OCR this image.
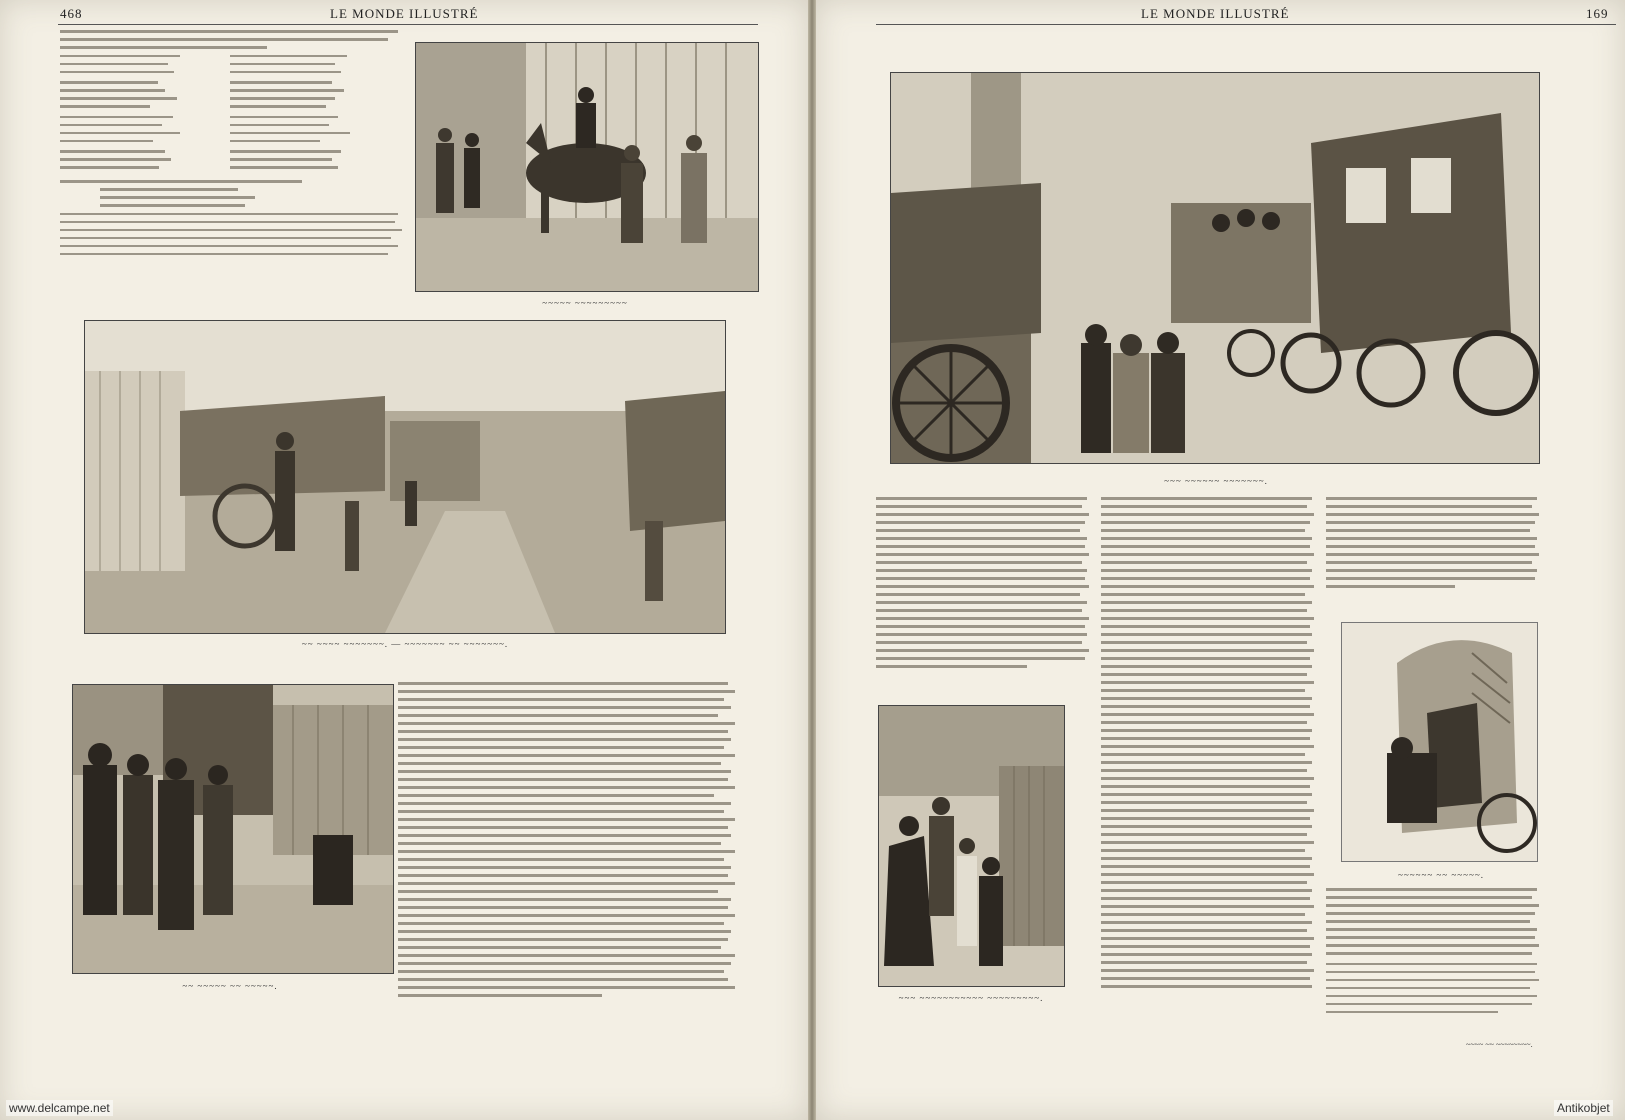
468	LE MONDE ILLUSTRÉ
~~~~~ ~~~~~~~~~
~~ ~~~~ ~~~~~~~. — ~~~~~~~ ~~ ~~~~~~~.
~~ ~~~~~ ~~ ~~~~~.
www.delcampe.net
LE MONDE ILLUSTRÉ	169
~~~ ~~~~~~ ~~~~~~~.
~~~ ~~~~~~~~~~~ ~~~~~~~~~.
~~~~~~ ~~ ~~~~~.
~~~~ ~~ ~~~~~~~~.
Antikobjet
